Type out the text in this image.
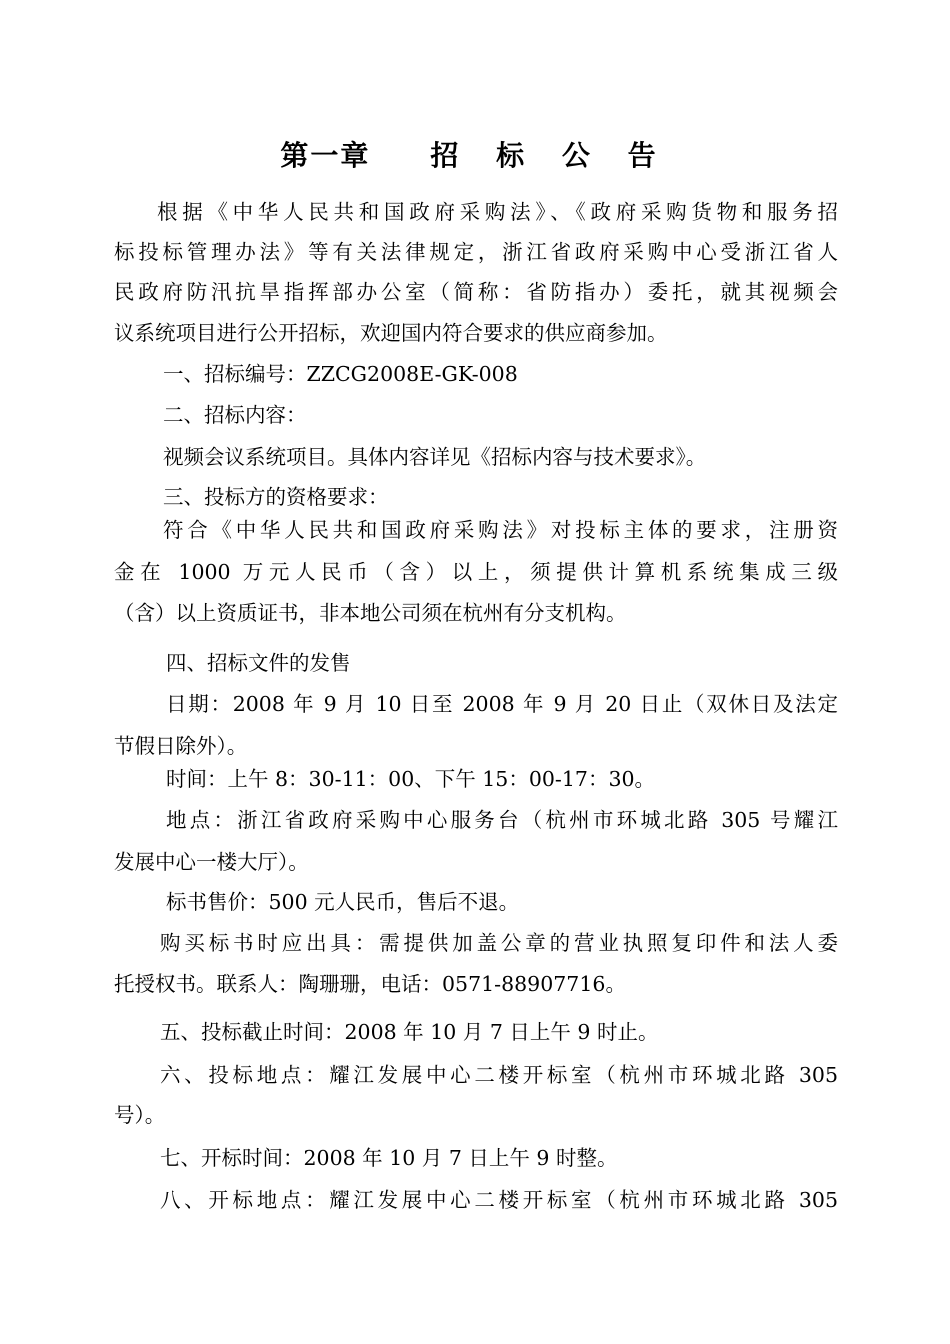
第一章 招 标 公 告
根据《中华人民共和国政府采购法》、《政府采购货物和服务招
标投标管理办法》等有关法律规定，浙江省政府采购中心受浙江省人
民政府防汛抗旱指挥部办公室（简称：省防指办）委托，就其视频会
议系统项目进行公开招标，欢迎国内符合要求的供应商参加。
一、招标编号：ZZCG2008E-GK-008
二、招标内容：
视频会议系统项目。具体内容详见《招标内容与技术要求》。
三、投标方的资格要求：
符合《中华人民共和国政府采购法》对投标主体的要求，注册资
金在 1000 万元人民币（含）以上，须提供计算机系统集成三级
（含）以上资质证书，非本地公司须在杭州有分支机构。
四、招标文件的发售
日期：2008 年 9 月 10 日至 2008 年 9 月 20 日止（双休日及法定
节假日除外）。
时间：上午 8：30-11：00、下午 15：00-17：30。
地点：浙江省政府采购中心服务台（杭州市环城北路 305 号耀江
发展中心一楼大厅）。
标书售价：500 元人民币，售后不退。
购买标书时应出具：需提供加盖公章的营业执照复印件和法人委
托授权书。联系人：陶珊珊，电话：0571-88907716。
五、投标截止时间：2008 年 10 月 7 日上午 9 时止。
六、投标地点：耀江发展中心二楼开标室（杭州市环城北路 305
号）。
七、开标时间：2008 年 10 月 7 日上午 9 时整。
八、开标地点：耀江发展中心二楼开标室（杭州市环城北路 305
